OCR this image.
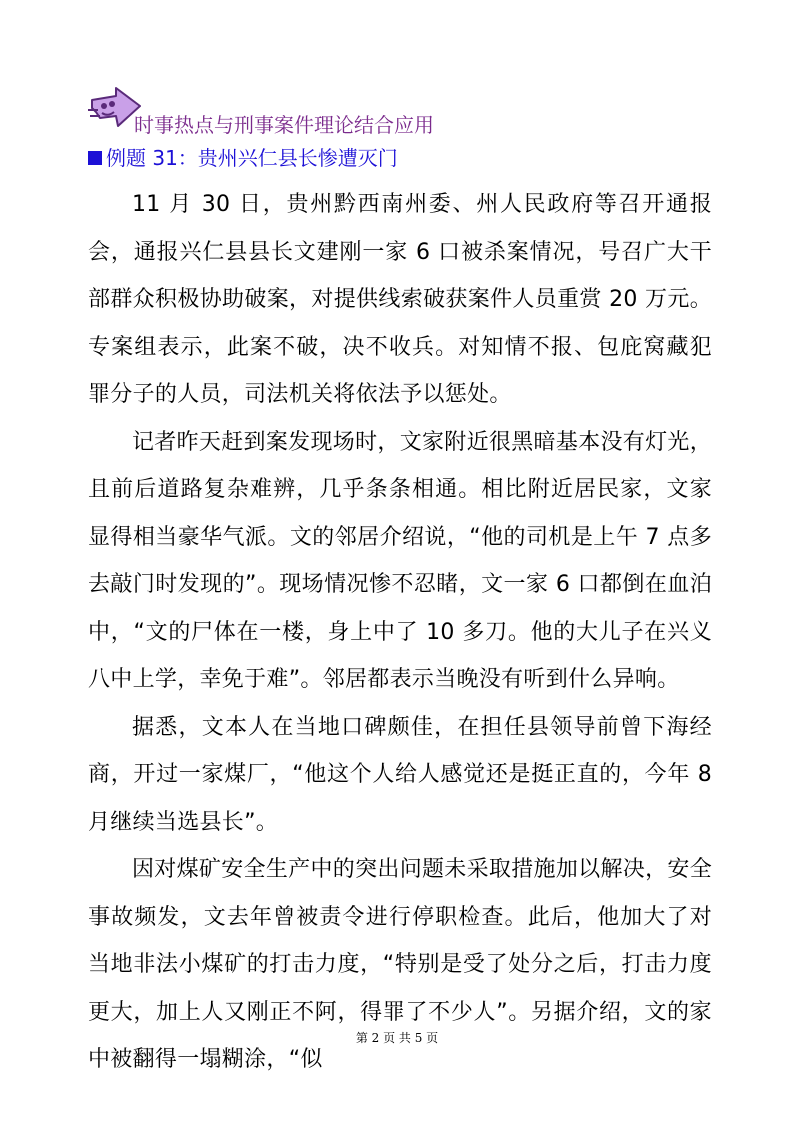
时事热点与刑事案件理论结合应用
例题 31：贵州兴仁县长惨遭灭门

11 月 30 日，贵州黔西南州委、州人民政府等召开通报会，通报兴仁县县长文建刚一家 6 口被杀案情况，号召广大干部群众积极协助破案，对提供线索破获案件人员重赏 20 万元。专案组表示，此案不破，决不收兵。对知情不报、包庇窝藏犯罪分子的人员，司法机关将依法予以惩处。

记者昨天赶到案发现场时，文家附近很黑暗基本没有灯光，且前后道路复杂难辨，几乎条条相通。相比附近居民家，文家显得相当豪华气派。文的邻居介绍说，“他的司机是上午 7 点多去敲门时发现的”。现场情况惨不忍睹，文一家 6 口都倒在血泊中，“文的尸体在一楼，身上中了 10 多刀。他的大儿子在兴义八中上学，幸免于难”。邻居都表示当晚没有听到什么异响。

据悉，文本人在当地口碑颇佳，在担任县领导前曾下海经商，开过一家煤厂，“他这个人给人感觉还是挺正直的，今年 8 月继续当选县长”。

因对煤矿安全生产中的突出问题未采取措施加以解决，安全事故频发，文去年曾被责令进行停职检查。此后，他加大了对当地非法小煤矿的打击力度，“特别是受了处分之后，打击力度更大，加上人又刚正不阿，得罪了不少人”。另据介绍，文的家中被翻得一塌糊涂，“似

第 2 页 共 5 页
